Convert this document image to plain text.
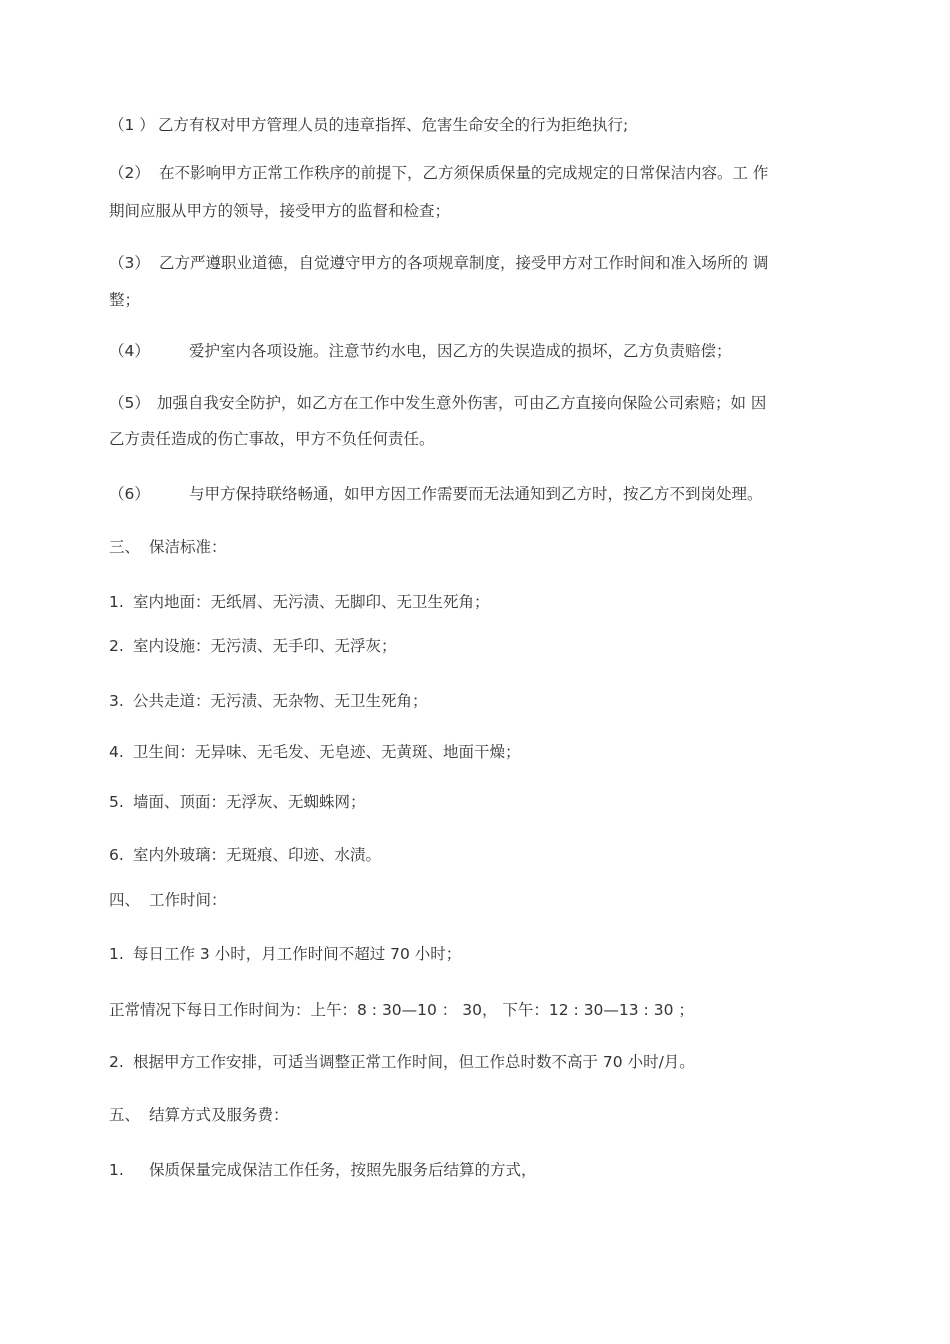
（1 ） 乙方有权对甲方管理人员的违章指挥、危害生命安全的行为拒绝执行;
（2） 在不影响甲方正常工作秩序的前提下，乙方须保质保量的完成规定的日常保洁内容。工 作
期间应服从甲方的领导，接受甲方的监督和检查；
（3） 乙方严遵职业道德，自觉遵守甲方的各项规章制度，接受甲方对工作时间和准入场所的 调
整；
（4）	爱护室内各项设施。注意节约水电，因乙方的失误造成的损坏，乙方负责赔偿；
（5） 加强自我安全防护，如乙方在工作中发生意外伤害，可由乙方直接向保险公司索赔；如 因
乙方责任造成的伤亡事故，甲方不负任何责任。
（6）	与甲方保持联络畅通，如甲方因工作需要而无法通知到乙方时，按乙方不到岗处理。
三、 保洁标准：
1. 室内地面：无纸屑、无污渍、无脚印、无卫生死角；
2. 室内设施：无污渍、无手印、无浮灰；
3. 公共走道：无污渍、无杂物、无卫生死角；
4. 卫生间：无异味、无毛发、无皂迹、无黄斑、地面干燥；
5. 墙面、顶面：无浮灰、无蜘蛛网；
6. 室内外玻璃：无斑痕、印迹、水渍。
四、 工作时间：
1. 每日工作 3 小时，月工作时间不超过 70 小时；
正常情况下每日工作时间为：上午：8 : 30—10 ： 30， 下午：12 : 30—13 : 30 ；
2. 根据甲方工作安排，可适当调整正常工作时间，但工作总时数不高于 70 小时/月。
五、 结算方式及服务费：
1. 保质保量完成保洁工作任务，按照先服务后结算的方式，
